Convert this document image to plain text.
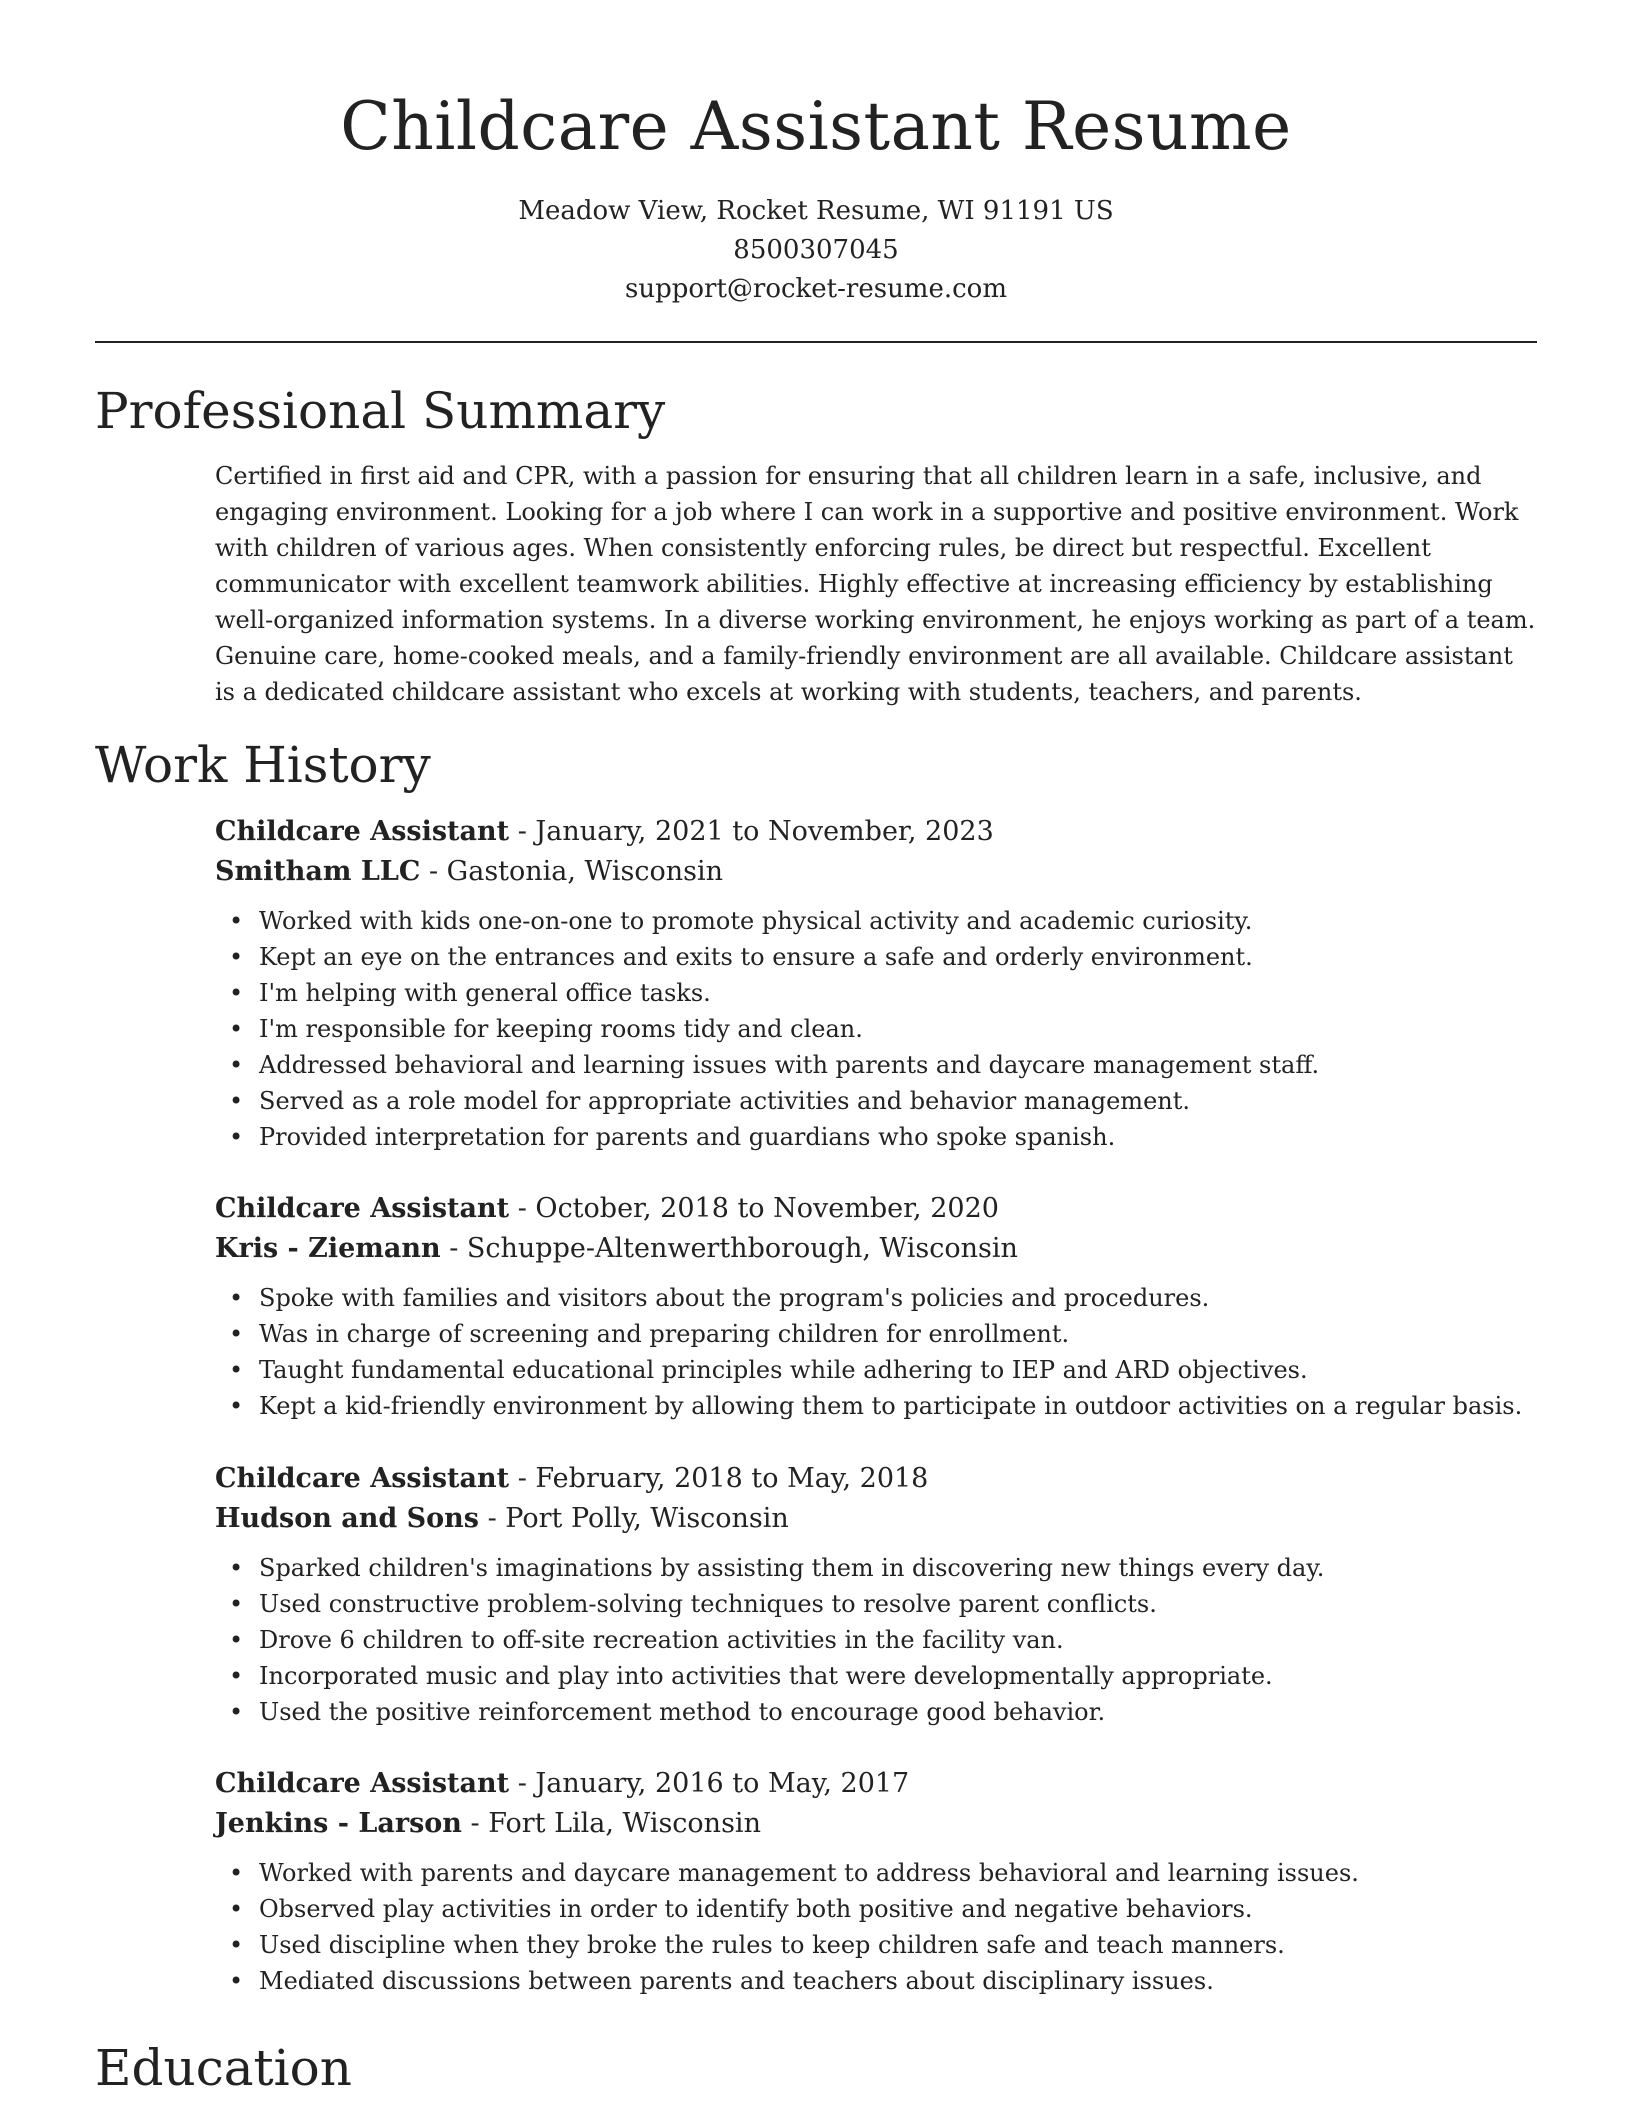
Childcare Assistant Resume
Meadow View, Rocket Resume, WI 91191 US
8500307045
support@rocket-resume.com
Professional Summary

Certified in first aid and CPR, with a passion for ensuring that all children learn in a safe, inclusive, and engaging environment. Looking for a job where I can work in a supportive and positive environment. Work with children of various ages. When consistently enforcing rules, be direct but respectful. Excellent communicator with excellent teamwork abilities. Highly effective at increasing efficiency by establishing well-organized information systems. In a diverse working environment, he enjoys working as part of a team. Genuine care, home-cooked meals, and a family-friendly environment are all available. Childcare assistant is a dedicated childcare assistant who excels at working with students, teachers, and parents.

Work History
Childcare Assistant - January, 2021 to November, 2023
Smitham LLC - Gastonia, Wisconsin
• Worked with kids one-on-one to promote physical activity and academic curiosity.
• Kept an eye on the entrances and exits to ensure a safe and orderly environment.
• I'm helping with general office tasks.
• I'm responsible for keeping rooms tidy and clean.
• Addressed behavioral and learning issues with parents and daycare management staff.
• Served as a role model for appropriate activities and behavior management.
• Provided interpretation for parents and guardians who spoke spanish.
Childcare Assistant - October, 2018 to November, 2020
Kris - Ziemann - Schuppe-Altenwerthborough, Wisconsin
• Spoke with families and visitors about the program's policies and procedures.
• Was in charge of screening and preparing children for enrollment.
• Taught fundamental educational principles while adhering to IEP and ARD objectives.
• Kept a kid-friendly environment by allowing them to participate in outdoor activities on a regular basis.
Childcare Assistant - February, 2018 to May, 2018
Hudson and Sons - Port Polly, Wisconsin
• Sparked children's imaginations by assisting them in discovering new things every day.
• Used constructive problem-solving techniques to resolve parent conflicts.
• Drove 6 children to off-site recreation activities in the facility van.
• Incorporated music and play into activities that were developmentally appropriate.
• Used the positive reinforcement method to encourage good behavior.
Childcare Assistant - January, 2016 to May, 2017
Jenkins - Larson - Fort Lila, Wisconsin
• Worked with parents and daycare management to address behavioral and learning issues.
• Observed play activities in order to identify both positive and negative behaviors.
• Used discipline when they broke the rules to keep children safe and teach manners.
• Mediated discussions between parents and teachers about disciplinary issues.
Education
